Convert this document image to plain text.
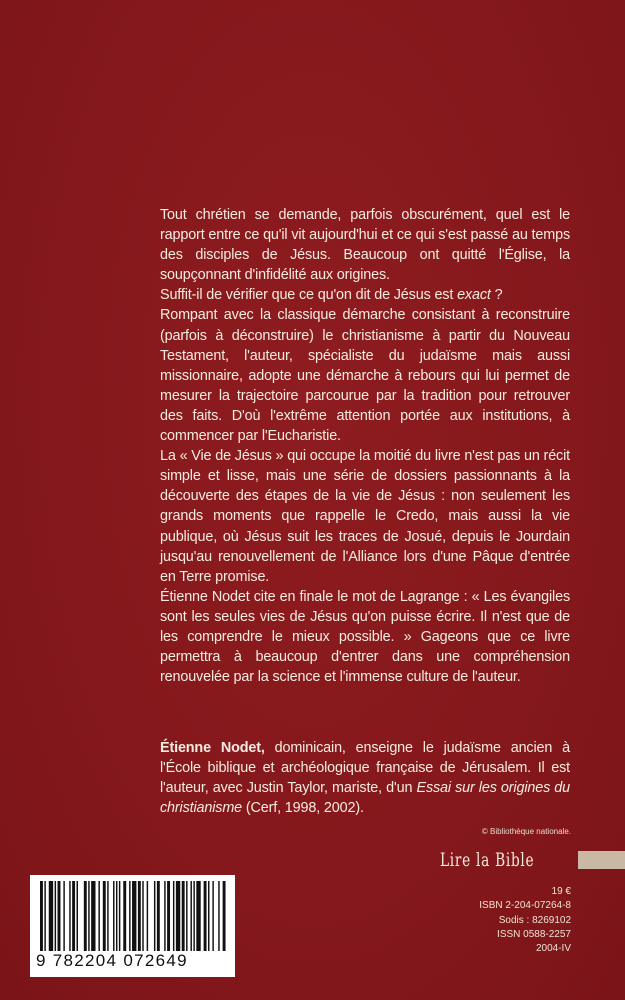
Tout chrétien se demande, parfois obscurément, quel est le rapport entre ce qu'il vit aujourd'hui et ce qui s'est passé au temps des disciples de Jésus. Beaucoup ont quitté l'Église, la soupçonnant d'infidélité aux origines.

Suffit-il de vérifier que ce qu'on dit de Jésus est exact ?

Rompant avec la classique démarche consistant à reconstruire (parfois à déconstruire) le christianisme à partir du Nouveau Testament, l'auteur, spécialiste du judaïsme mais aussi missionnaire, adopte une démarche à rebours qui lui permet de mesurer la trajectoire parcourue par la tradition pour retrouver des faits. D'où l'extrême attention portée aux institutions, à commencer par l'Eucharistie.

La « Vie de Jésus » qui occupe la moitié du livre n'est pas un récit simple et lisse, mais une série de dossiers passionnants à la découverte des étapes de la vie de Jésus : non seulement les grands moments que rappelle le Credo, mais aussi la vie publique, où Jésus suit les traces de Josué, depuis le Jourdain jusqu'au renouvellement de l'Alliance lors d'une Pâque d'entrée en Terre promise.

Étienne Nodet cite en finale le mot de Lagrange : « Les évangiles sont les seules vies de Jésus qu'on puisse écrire. Il n'est que de les comprendre le mieux possible. » Gageons que ce livre permettra à beaucoup d'entrer dans une compréhension renouvelée par la science et l'immense culture de l'auteur.

Étienne Nodet, dominicain, enseigne le judaïsme ancien à l'École biblique et archéologique française de Jérusalem. Il est l'auteur, avec Justin Taylor, mariste, d'un Essai sur les origines du christianisme (Cerf, 1998, 2002).

© Bibliothèque nationale.
Lire la Bible
9 782204 072649
19 €
ISBN 2-204-07264-8
Sodis : 8269102
ISSN 0588-2257
2004-IV
